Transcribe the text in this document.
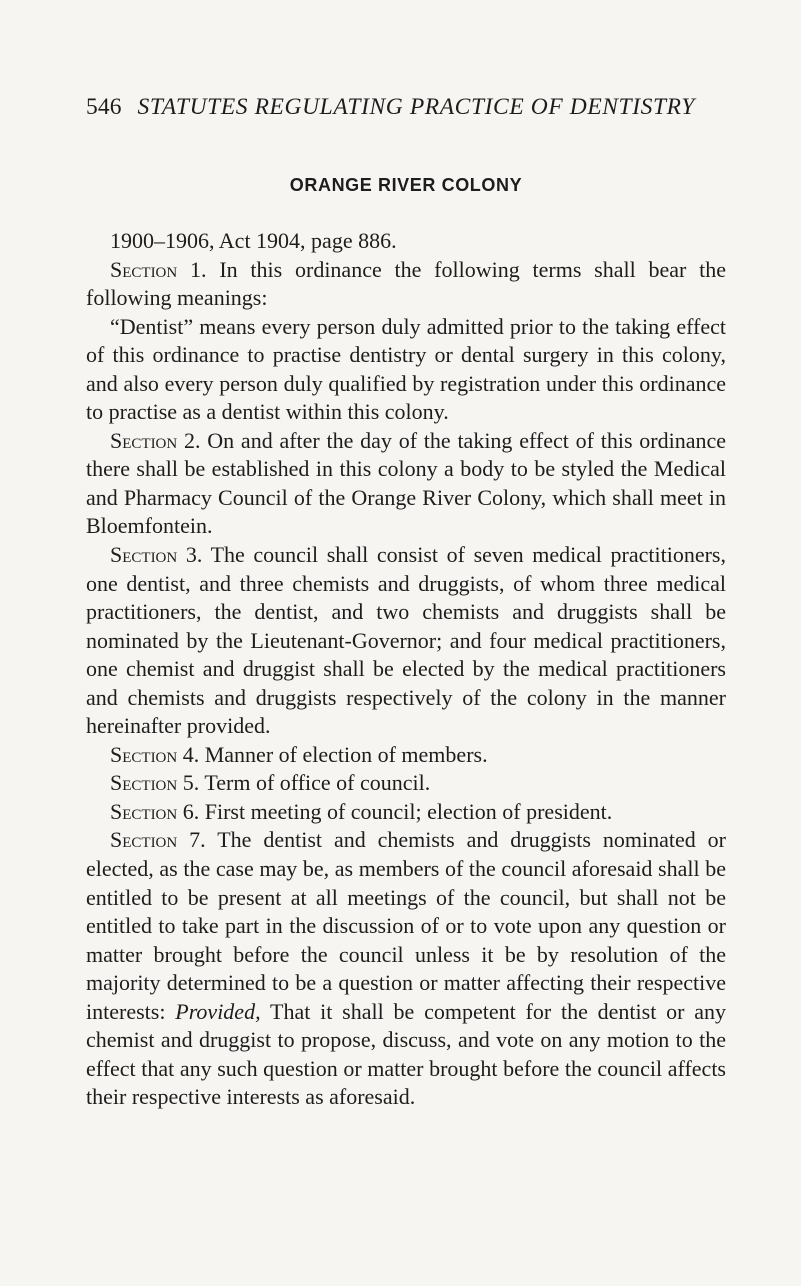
546 STATUTES REGULATING PRACTICE OF DENTISTRY
ORANGE RIVER COLONY

1900–1906, Act 1904, page 886.

Section 1. In this ordinance the following terms shall bear the following meanings:

“Dentist” means every person duly admitted prior to the taking effect of this ordinance to practise dentistry or dental surgery in this colony, and also every person duly qualified by registration under this ordinance to practise as a dentist within this colony.

Section 2. On and after the day of the taking effect of this ordinance there shall be established in this colony a body to be styled the Medical and Pharmacy Council of the Orange River Colony, which shall meet in Bloemfontein.

Section 3. The council shall consist of seven medical practitioners, one dentist, and three chemists and druggists, of whom three medical practitioners, the dentist, and two chemists and druggists shall be nominated by the Lieutenant-Governor; and four medical practitioners, one chemist and druggist shall be elected by the medical practitioners and chemists and druggists respectively of the colony in the manner hereinafter provided.

Section 4. Manner of election of members.

Section 5. Term of office of council.

Section 6. First meeting of council; election of president.

Section 7. The dentist and chemists and druggists nominated or elected, as the case may be, as members of the council aforesaid shall be entitled to be present at all meetings of the council, but shall not be entitled to take part in the discussion of or to vote upon any question or matter brought before the council unless it be by resolution of the majority determined to be a question or matter affecting their respective interests: Provided, That it shall be competent for the dentist or any chemist and druggist to propose, discuss, and vote on any motion to the effect that any such question or matter brought before the council affects their respective interests as aforesaid.
